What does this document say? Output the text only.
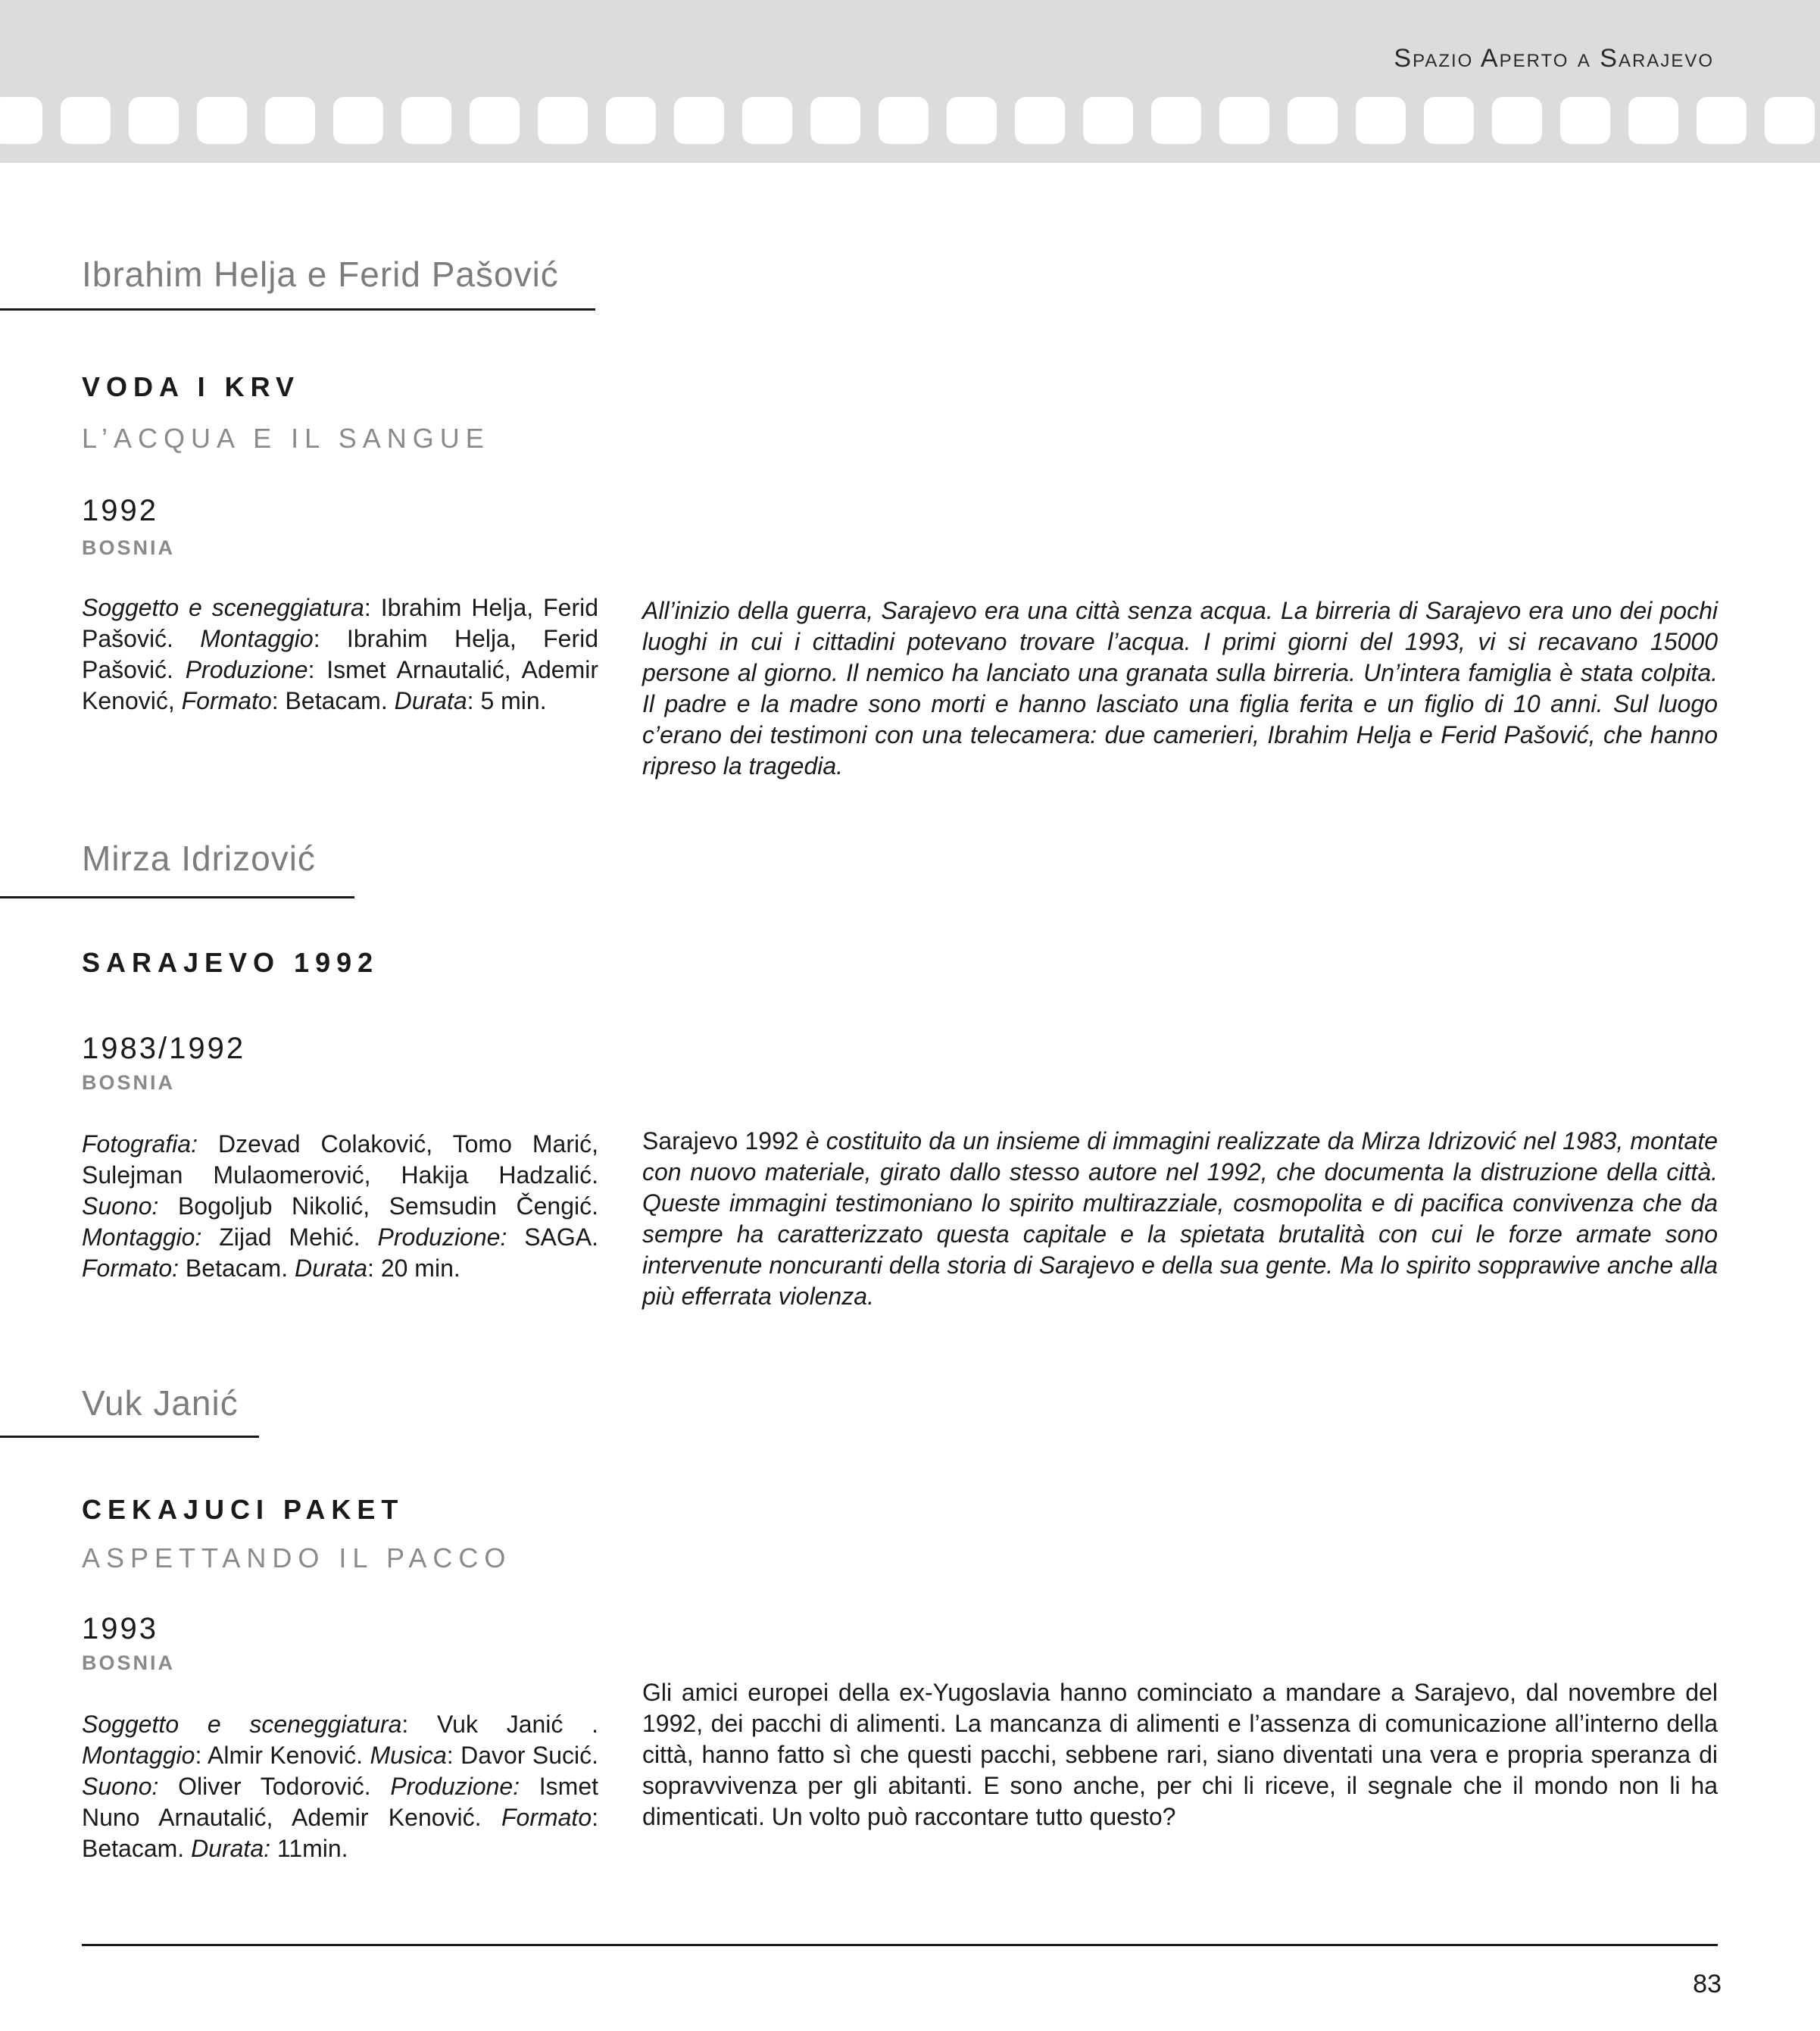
Spazio Aperto a Sarajevo
Ibrahim Helja e Ferid Pašović
VODA I KRV
L’ACQUA E IL SANGUE
1992
BOSNIA
Soggetto e sceneggiatura: Ibrahim Helja, Ferid Pašović. Montaggio: Ibrahim Helja, Ferid Pašović. Produzione: Ismet Arnautalić, Ademir Kenović, Formato: Betacam. Durata: 5 min.
All’inizio della guerra, Sarajevo era una città senza acqua. La birreria di Sarajevo era uno dei pochi luoghi in cui i cittadini potevano trovare l’acqua. I primi giorni del 1993, vi si recavano 15000 persone al giorno. Il nemico ha lanciato una granata sulla birreria. Un’intera famiglia è stata colpita. Il padre e la madre sono morti e hanno lasciato una figlia ferita e un figlio di 10 anni. Sul luogo c’erano dei testimoni con una telecamera: due camerieri, Ibrahim Helja e Ferid Pašović, che hanno ripreso la tragedia.
Mirza Idrizović
SARAJEVO 1992
1983/1992
BOSNIA
Fotografia: Dzevad Colaković, Tomo Marić, Sulejman Mulaomerović, Hakija Hadzalić. Suono: Bogoljub Nikolić, Semsudin Čengić. Montaggio: Zijad Mehić. Produzione: SAGA. Formato: Betacam. Durata: 20 min.
Sarajevo 1992 è costituito da un insieme di immagini realizzate da Mirza Idrizović nel 1983, montate con nuovo materiale, girato dallo stesso autore nel 1992, che documenta la distruzione della città. Queste immagini testimoniano lo spirito multirazziale, cosmopolita e di pacifica convivenza che da sempre ha caratterizzato questa capitale e la spietata brutalità con cui le forze armate sono intervenute noncuranti della storia di Sarajevo e della sua gente. Ma lo spirito sopprawive anche alla più efferrata violenza.
Vuk Janić
CEKAJUCI PAKET
ASPETTANDO IL PACCO
1993
BOSNIA
Soggetto e sceneggiatura: Vuk Janić . Montaggio: Almir Kenović. Musica: Davor Sucić. Suono: Oliver Todorović. Produzione: Ismet Nuno Arnautalić, Ademir Kenović. Formato: Betacam. Durata: 11min.
Gli amici europei della ex-Yugoslavia hanno cominciato a mandare a Sarajevo, dal novembre del 1992, dei pacchi di alimenti. La mancanza di alimenti e l’assenza di comunicazione all’interno della città, hanno fatto sì che questi pacchi, sebbene rari, siano diventati una vera e propria speranza di sopravvivenza per gli abitanti. E sono anche, per chi li riceve, il segnale che il mondo non li ha dimenticati. Un volto può raccontare tutto questo?
83
